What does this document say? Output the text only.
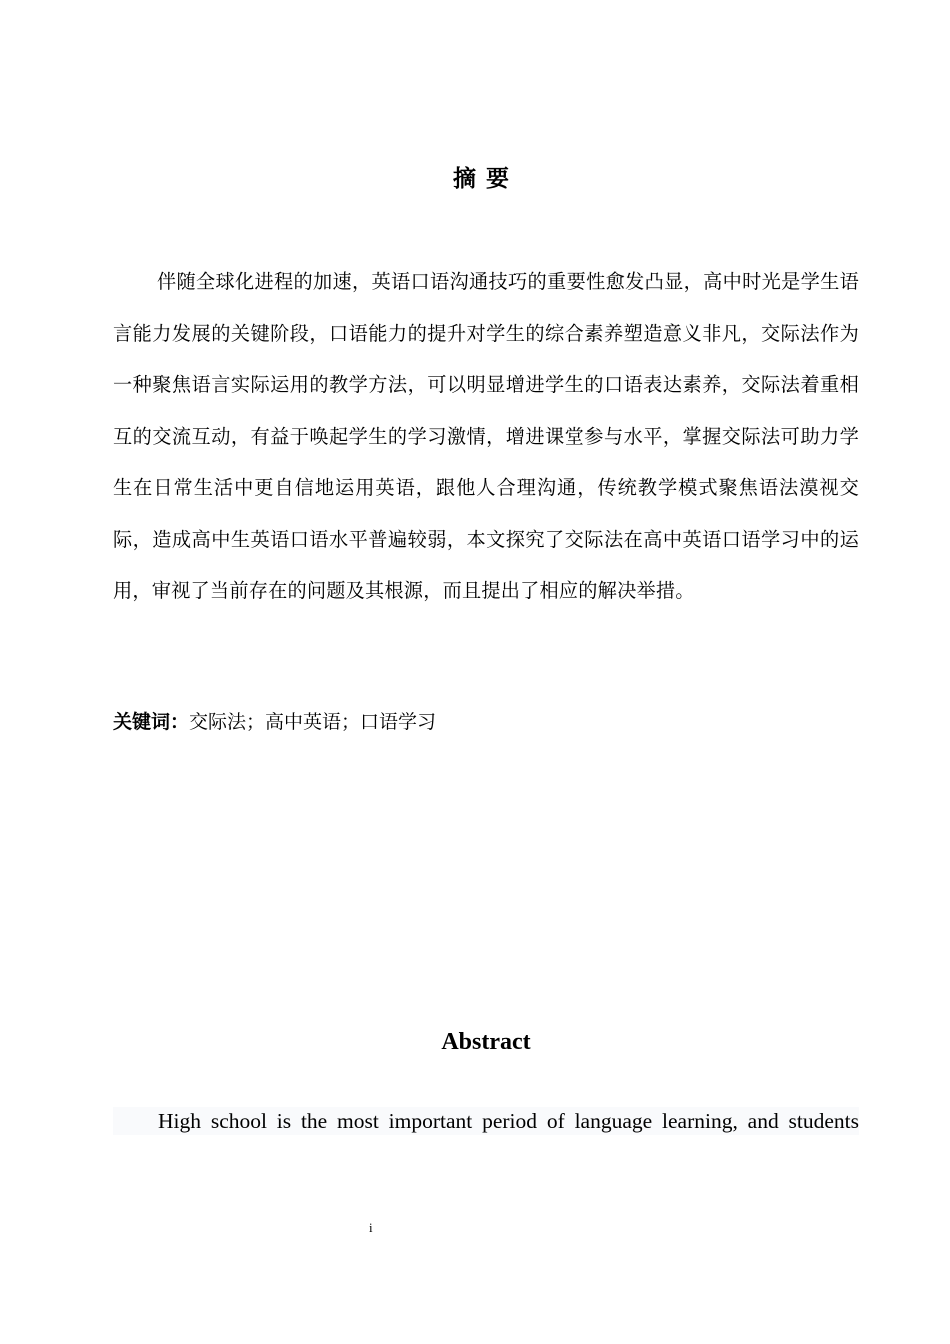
摘要

伴随全球化进程的加速，英语口语沟通技巧的重要性愈发凸显，高中时光是学生语言能力发展的关键阶段，口语能力的提升对学生的综合素养塑造意义非凡，交际法作为一种聚焦语言实际运用的教学方法，可以明显增进学生的口语表达素养，交际法着重相互的交流互动，有益于唤起学生的学习激情，增进课堂参与水平，掌握交际法可助力学生在日常生活中更自信地运用英语，跟他人合理沟通，传统教学模式聚焦语法漠视交际，造成高中生英语口语水平普遍较弱，本文探究了交际法在高中英语口语学习中的运用，审视了当前存在的问题及其根源，而且提出了相应的解决举措。

关键词：交际法；高中英语；口语学习
Abstract

High school is the most important period of language learning, and students

i
